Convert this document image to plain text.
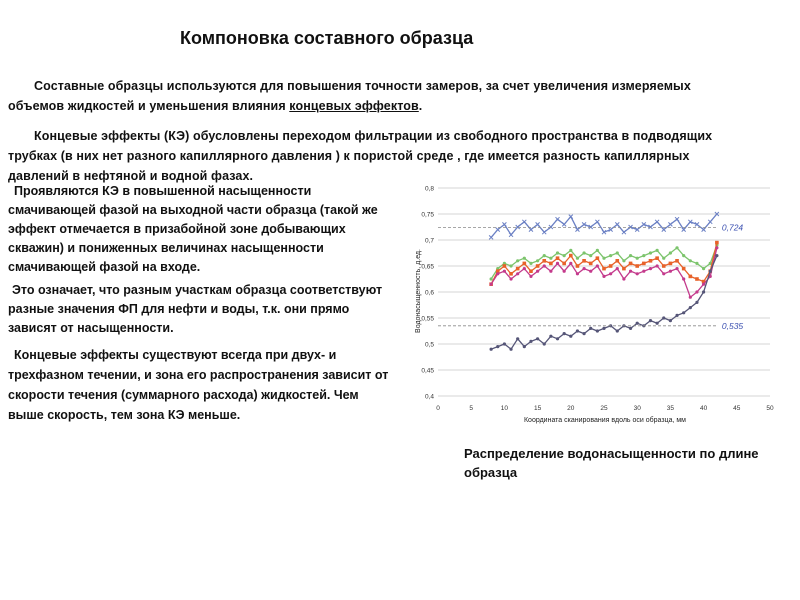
Компоновка составного образца
Составные образцы используются для повышения точности замеров, за счет увеличения измеряемых объемов жидкостей и уменьшения влияния концевых эффектов.
Концевые эффекты (КЭ) обусловлены переходом фильтрации из свободного пространства в подводящих трубках (в них нет разного капиллярного давления ) к пористой среде , где имеется разность капиллярных давлений в нефтяной и водной фазах.
Проявляются КЭ в повышенной насыщенности смачивающей фазой на выходной части образца (такой же эффект отмечается в призабойной зоне добывающих скважин) и пониженных величинах насыщенности смачивающей фазой на входе.
Это означает, что разным участкам образца соответствуют разные значения ФП для нефти и воды, т.к. они прямо зависят от насыщенности.
Концевые эффекты существуют всегда при двух- и трехфазном течении, и зона его распространения зависит от скорости течения (суммарного расхода) жидкостей. Чем выше скорость, тем зона КЭ меньше.
0,4
0,45
0,5
0,55
0,6
0,65
0,7
0,75
0,8
0	5	10	15	20	25	30	35	40	45	50
0,724
0,535
Водонасыщенность, д.ед.
Координата сканирования вдоль оси образца, мм
Распределение водонасыщенности по длине образца
